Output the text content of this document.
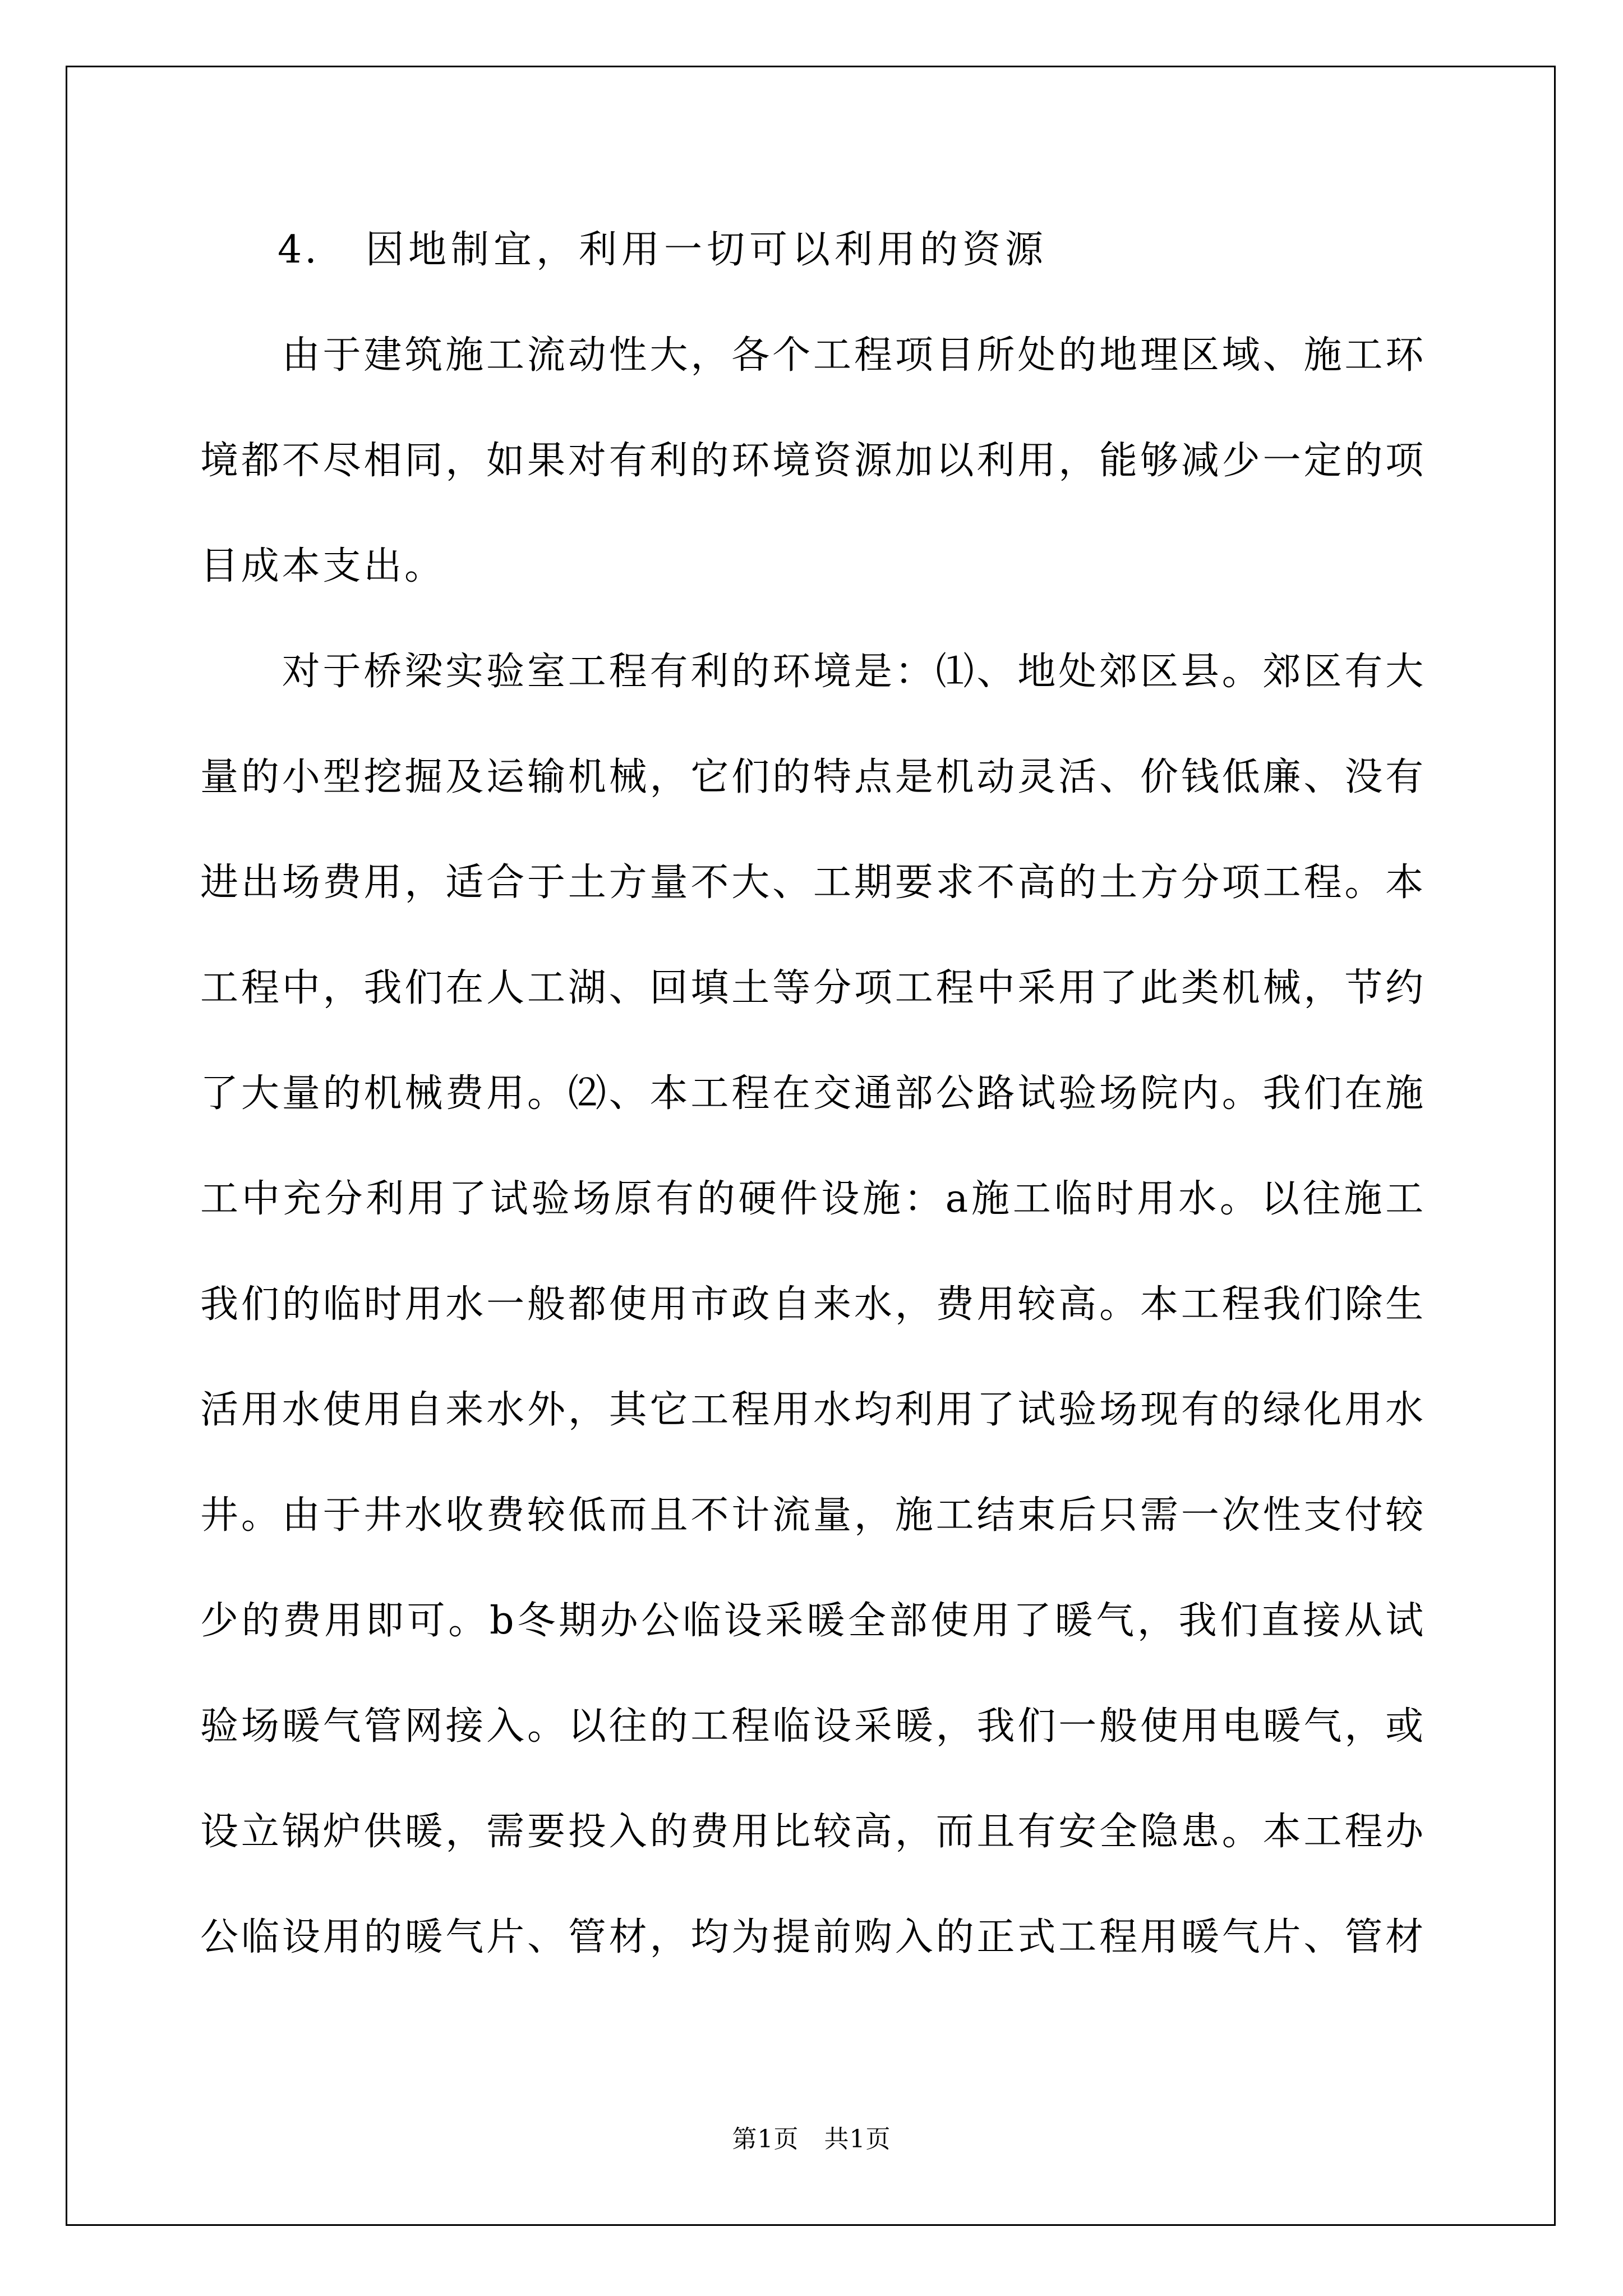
4. 因地制宜，利用一切可以利用的资源
由于建筑施工流动性大，各个工程项目所处的地理区域、施工环
境都不尽相同，如果对有利的环境资源加以利用，能够减少一定的项
目成本支出。
对于桥梁实验室工程有利的环境是：⑴、地处郊区县。郊区有大
量的小型挖掘及运输机械，它们的特点是机动灵活、价钱低廉、没有
进出场费用，适合于土方量不大、工期要求不高的土方分项工程。本
工程中，我们在人工湖、回填土等分项工程中采用了此类机械，节约
了大量的机械费用。⑵、本工程在交通部公路试验场院内。我们在施
工中充分利用了试验场原有的硬件设施：a施工临时用水。以往施工
我们的临时用水一般都使用市政自来水，费用较高。本工程我们除生
活用水使用自来水外，其它工程用水均利用了试验场现有的绿化用水
井。由于井水收费较低而且不计流量，施工结束后只需一次性支付较
少的费用即可。b冬期办公临设采暖全部使用了暖气，我们直接从试
验场暖气管网接入。以往的工程临设采暖，我们一般使用电暖气，或
设立锅炉供暖，需要投入的费用比较高，而且有安全隐患。本工程办
公临设用的暖气片、管材，均为提前购入的正式工程用暖气片、管材
第1页　共1页
